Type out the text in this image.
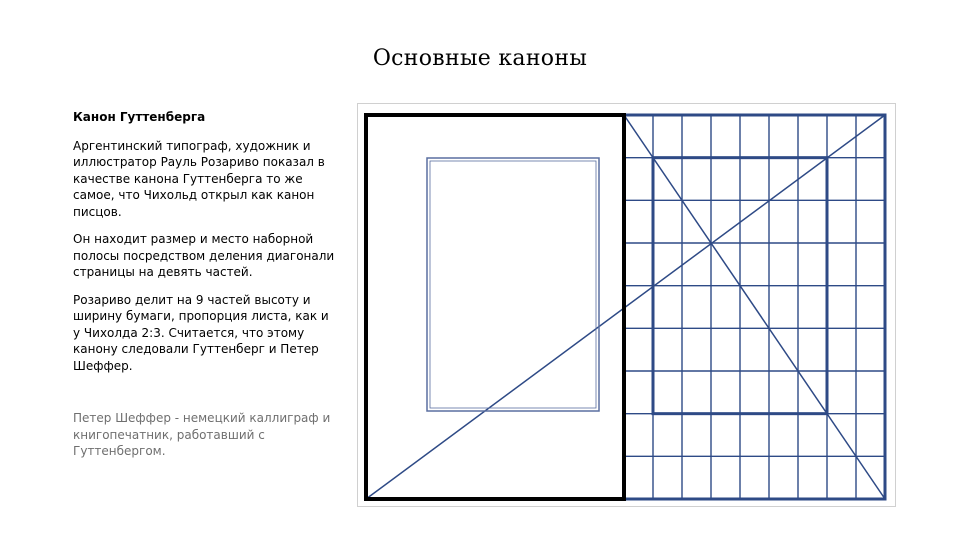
Основные каноны

Канон Гуттенберга

Аргентинский типограф, художник и иллюстратор Рауль Розариво показал в качестве канона Гуттенберга то же самое, что Чихольд открыл как канон писцов.

Он находит размер и место наборной полосы посредством деления диагонали страницы на девять частей.

Розариво делит на 9 частей высоту и ширину бумаги, пропорция листа, как и у Чихолда 2:3. Считается, что этому канону следовали Гуттенберг и Петер Шеффер.

Петер Шеффер - немецкий каллиграф и книгопечатник, работавший с Гуттенбергом.
